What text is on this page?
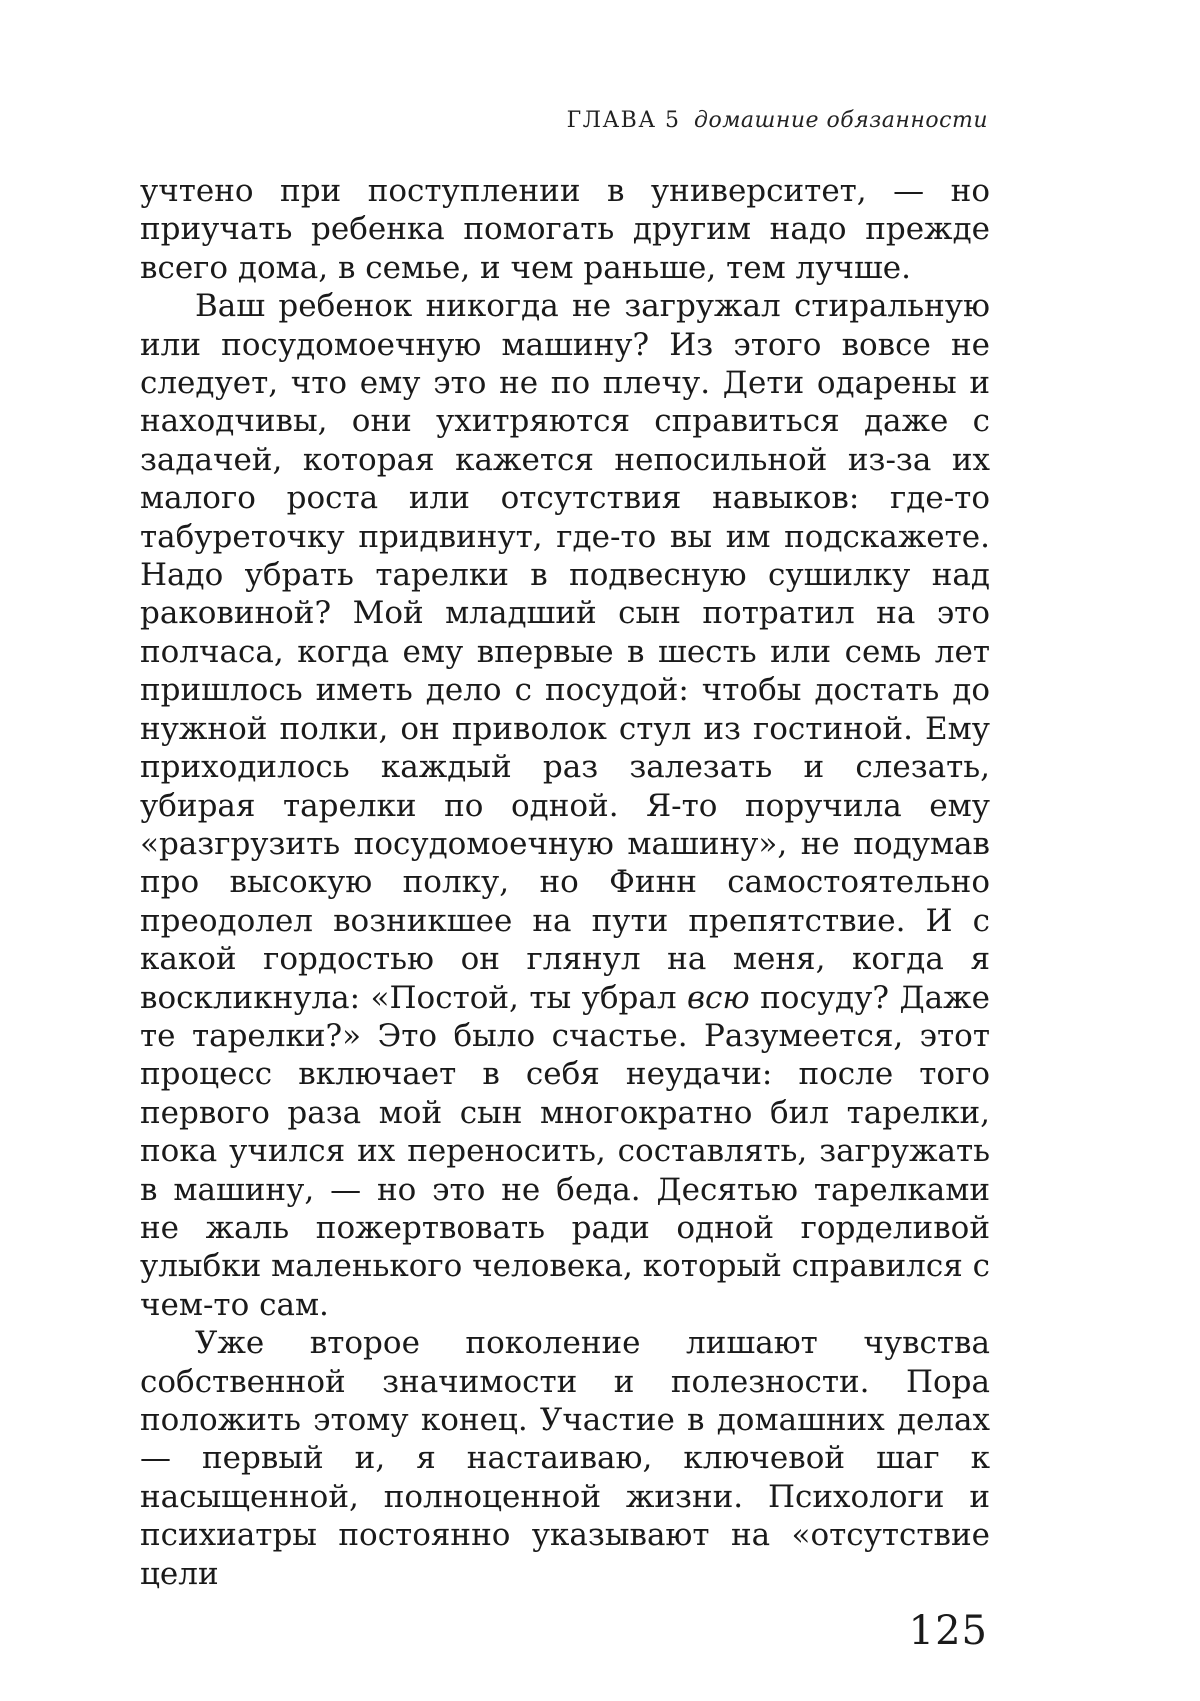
ГЛАВА 5 домашние обязанности

учтено при поступлении в университет, — но приучать ребенка помогать другим надо прежде всего дома, в семье, и чем раньше, тем лучше.

Ваш ребенок никогда не загружал стиральную или посудомоечную машину? Из этого вовсе не следует, что ему это не по плечу. Дети одарены и находчивы, они ухитряются справиться даже с задачей, которая кажется непосильной из-за их малого роста или отсутствия навыков: где-то табуреточку придвинут, где-то вы им подскажете. Надо убрать тарелки в подвесную сушилку над раковиной? Мой младший сын потратил на это полчаса, когда ему впервые в шесть или семь лет пришлось иметь дело с посудой: чтобы достать до нужной полки, он приволок стул из гостиной. Ему приходилось каждый раз залезать и слезать, убирая тарелки по одной. Я-то поручила ему «разгрузить посудомоечную машину», не подумав про высокую полку, но Финн самостоятельно преодолел возникшее на пути препятствие. И с какой гордостью он глянул на меня, когда я воскликнула: «Постой, ты убрал всю посуду? Даже те тарелки?» Это было счастье. Разумеется, этот процесс включает в себя неудачи: после того первого раза мой сын многократно бил тарелки, пока учился их переносить, составлять, загружать в машину, — но это не беда. Десятью тарелками не жаль пожертвовать ради одной горделивой улыбки маленького человека, который справился с чем-то сам.

Уже второе поколение лишают чувства собственной значимости и полезности. Пора положить этому конец. Участие в домашних делах — первый и, я настаиваю, ключевой шаг к насыщенной, полноценной жизни. Психологи и психиатры постоянно указывают на «отсутствие цели

125
